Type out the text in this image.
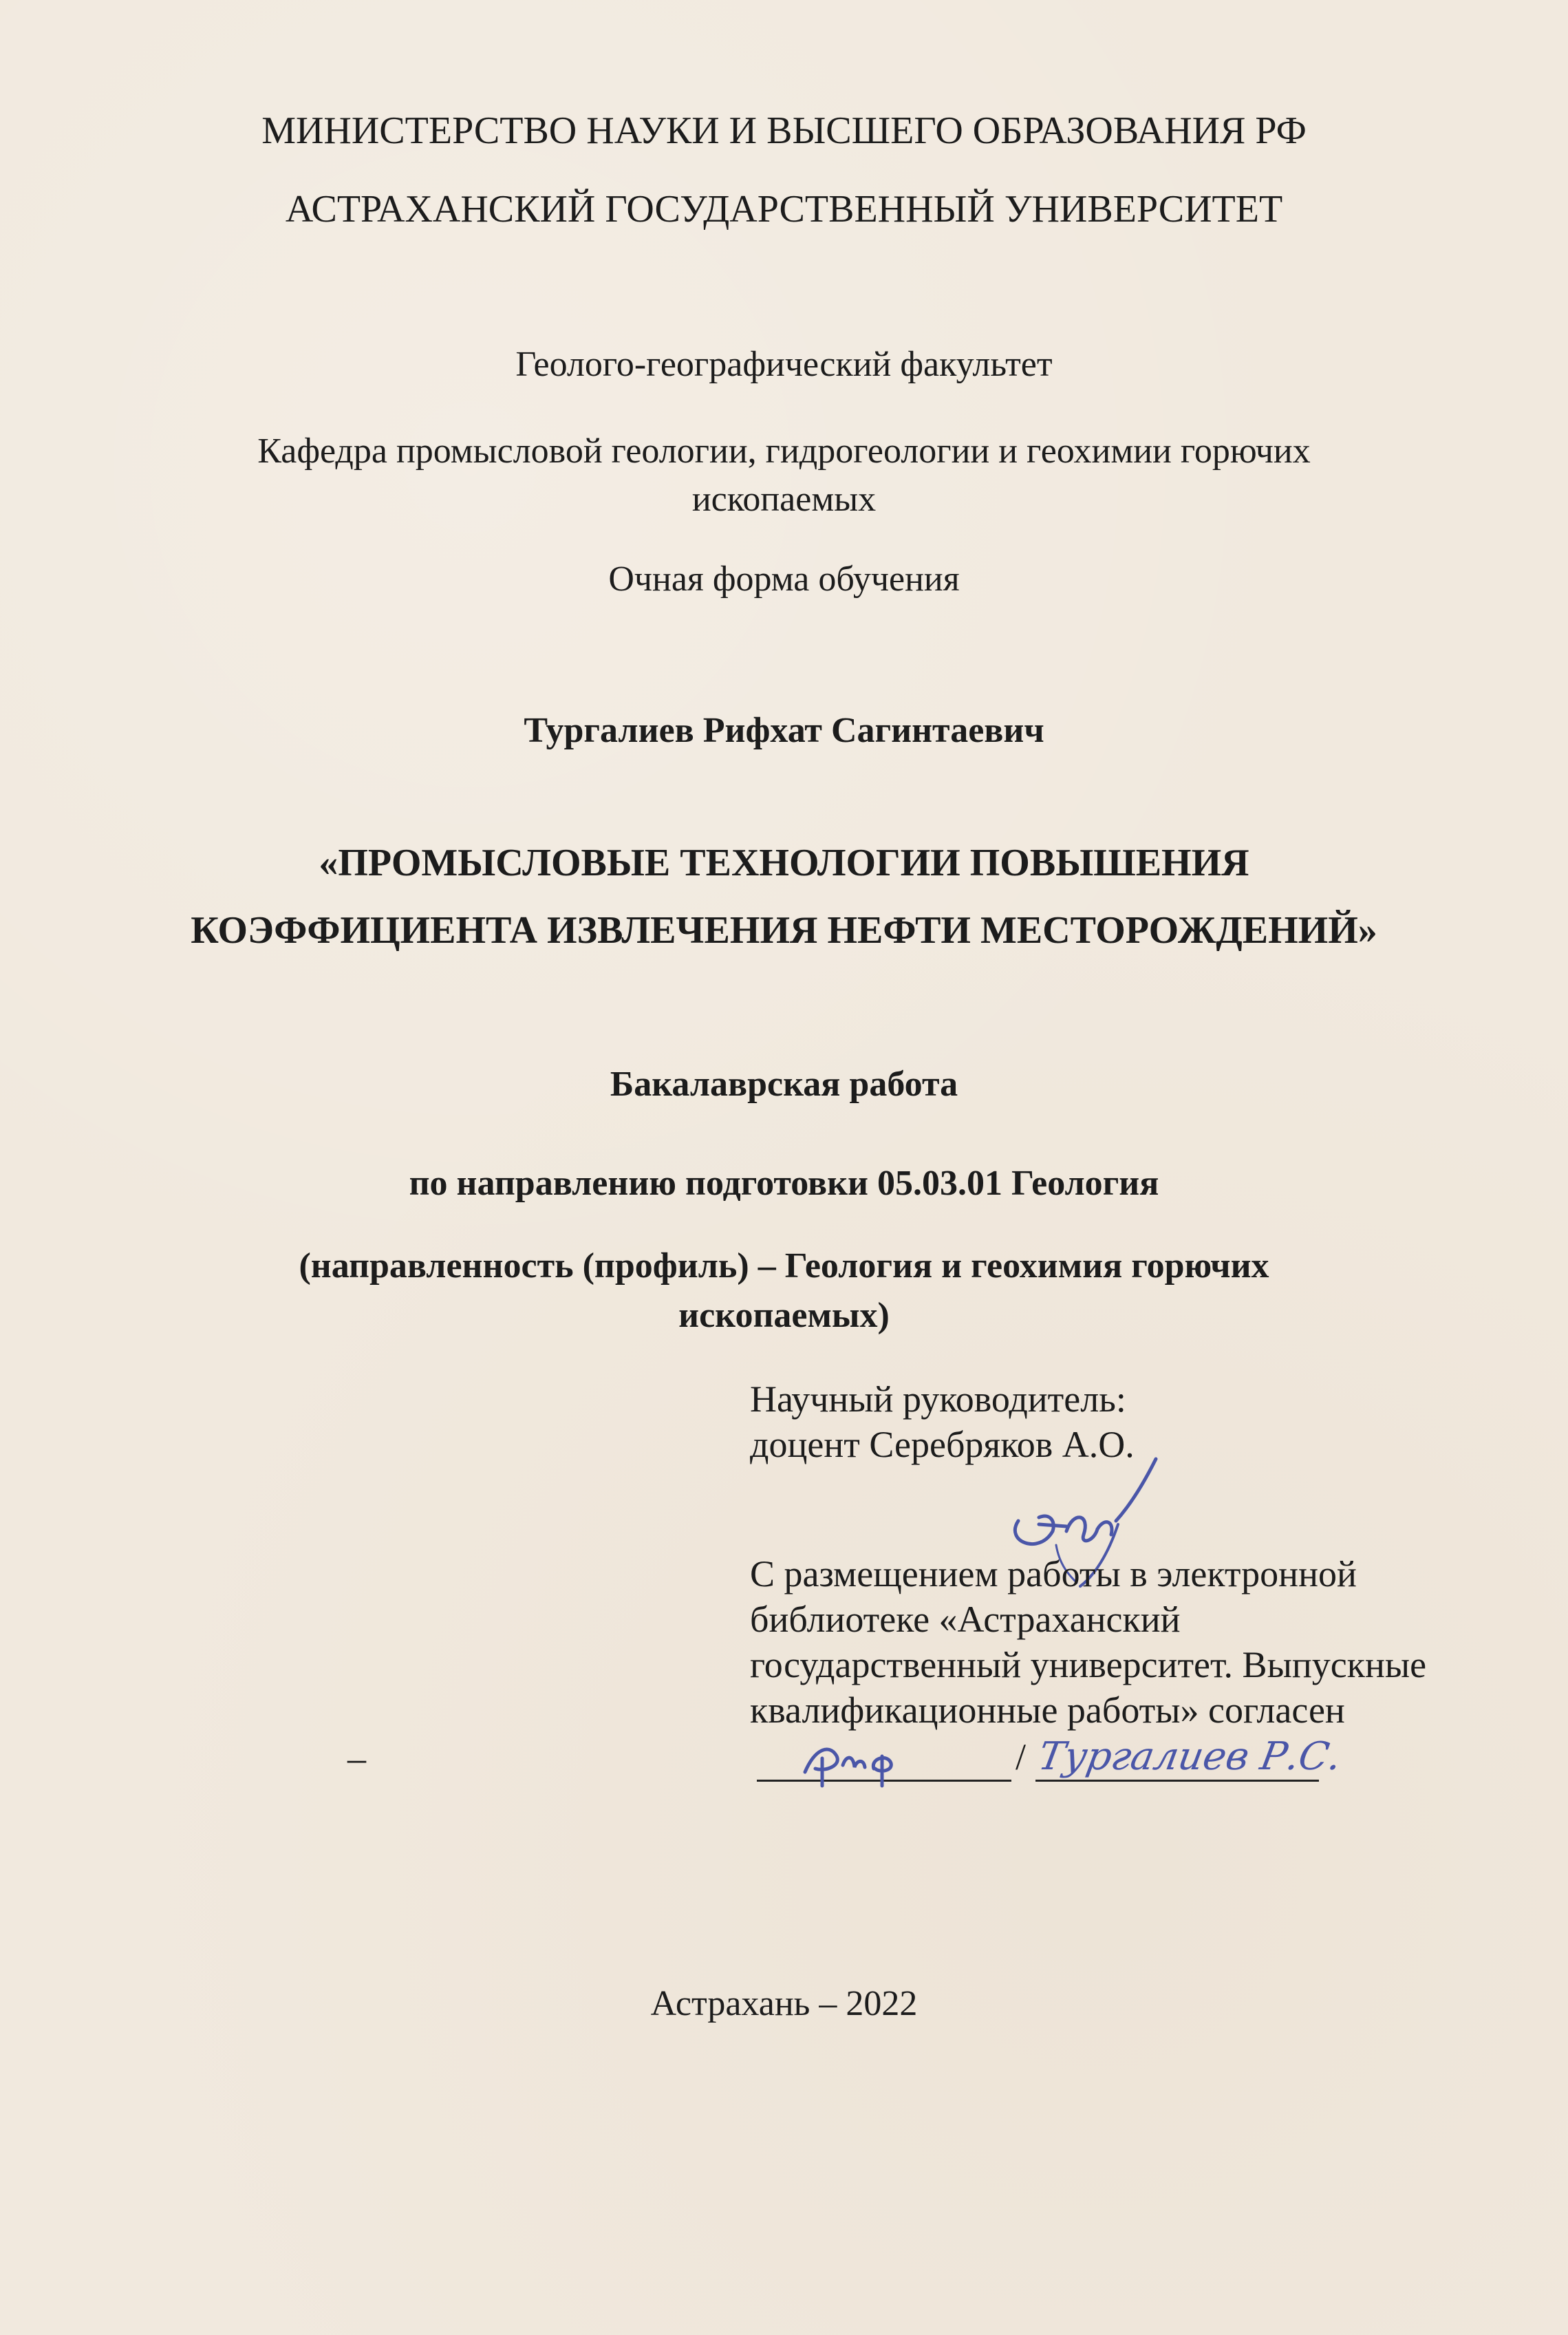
МИНИСТЕРСТВО НАУКИ И ВЫСШЕГО ОБРАЗОВАНИЯ РФ
АСТРАХАНСКИЙ ГОСУДАРСТВЕННЫЙ УНИВЕРСИТЕТ
Геолого-географический факультет
Кафедра промысловой геологии, гидрогеологии и геохимии горючих
ископаемых
Очная форма обучения
Тургалиев Рифхат Сагинтаевич
«ПРОМЫСЛОВЫЕ ТЕХНОЛОГИИ ПОВЫШЕНИЯ
КОЭФФИЦИЕНТА ИЗВЛЕЧЕНИЯ НЕФТИ МЕСТОРОЖДЕНИЙ»
Бакалаврская работа
по направлению подготовки 05.03.01 Геология
(направленность (профиль) – Геология и геохимия горючих
ископаемых)
Научный руководитель:
доцент Серебряков А.О.
С размещением работы в электронной
библиотеке «Астраханский
государственный университет. Выпускные
квалификационные работы» согласен
–	/ Тургалиев Р.С.
Астрахань – 2022
